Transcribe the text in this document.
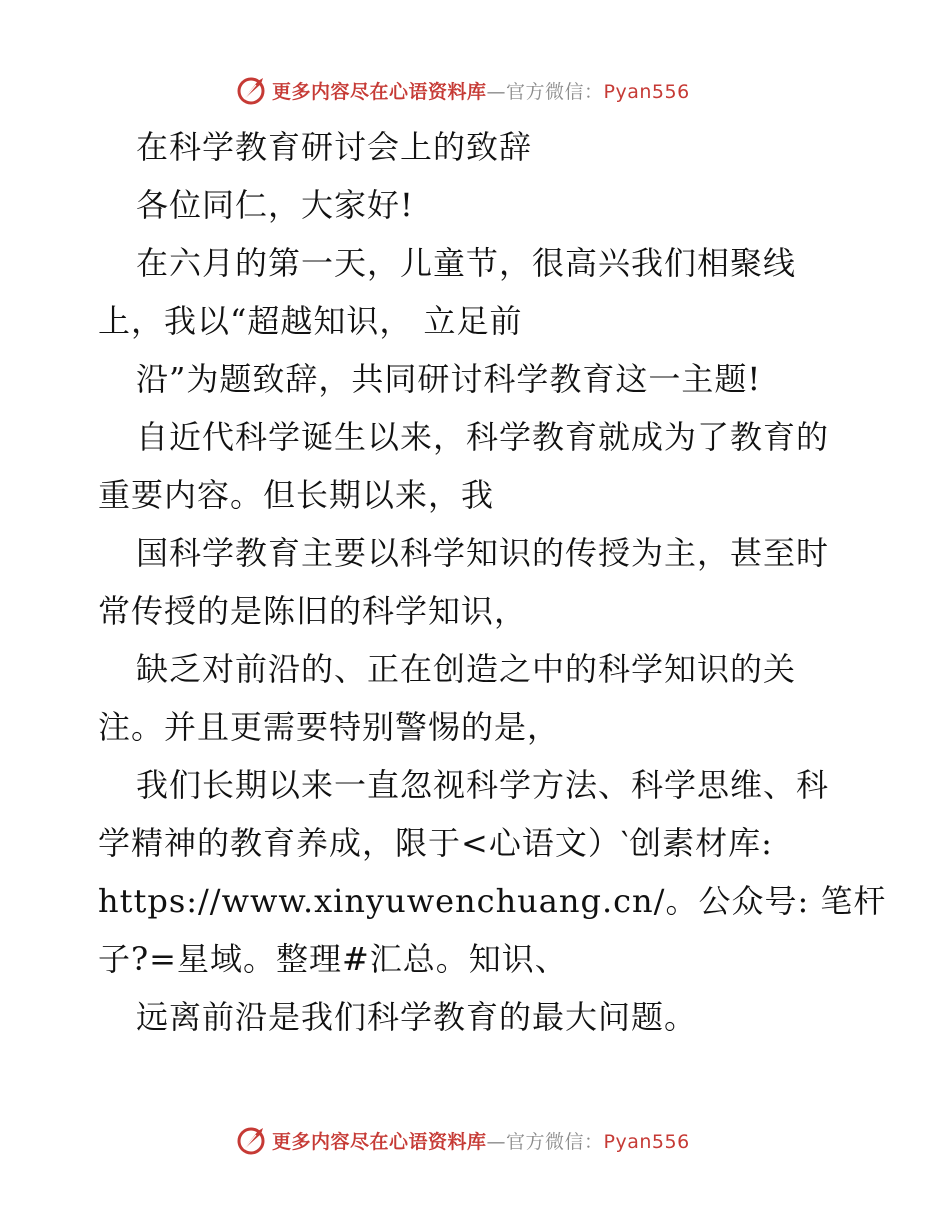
更多内容尽在心语资料库—官方微信：Pyan556
在科学教育研讨会上的致辞
各位同仁，大家好!
在六月的第一天，儿童节，很高兴我们相聚线
上，我以“超越知识， 立足前
沿”为题致辞，共同研讨科学教育这一主题!
自近代科学诞生以来，科学教育就成为了教育的
重要内容。但长期以来，我
国科学教育主要以科学知识的传授为主，甚至时
常传授的是陈旧的科学知识，
缺乏对前沿的、正在创造之中的科学知识的关
注。并且更需要特别警惕的是，
我们长期以来一直忽视科学方法、科学思维、科
学精神的教育养成，限于<心语文）‵创素材库:
https://www.xinyuwenchuang.cn/。公众号: 笔杆
子?=星域。整理#汇总。知识、
远离前沿是我们科学教育的最大问题。
更多内容尽在心语资料库—官方微信：Pyan556
